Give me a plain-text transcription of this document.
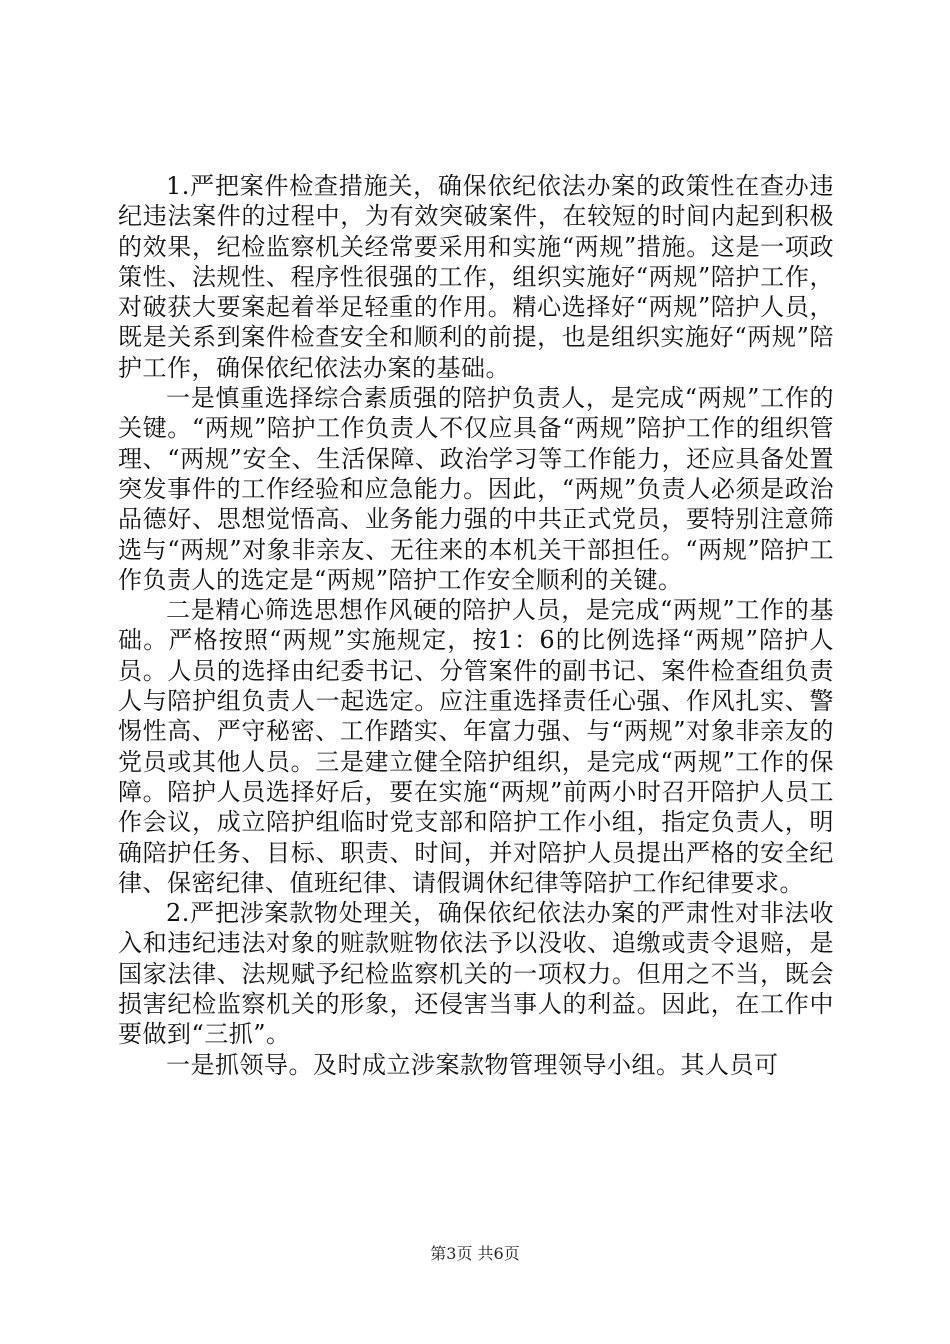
1.严把案件检查措施关，确保依纪依法办案的政策性在查办违纪违法案件的过程中，为有效突破案件，在较短的时间内起到积极的效果，纪检监察机关经常要采用和实施“两规”措施。这是一项政策性、法规性、程序性很强的工作，组织实施好“两规”陪护工作，对破获大要案起着举足轻重的作用。精心选择好“两规”陪护人员，既是关系到案件检查安全和顺利的前提，也是组织实施好“两规”陪护工作，确保依纪依法办案的基础。

一是慎重选择综合素质强的陪护负责人，是完成“两规”工作的关键。“两规”陪护工作负责人不仅应具备“两规”陪护工作的组织管理、“两规”安全、生活保障、政治学习等工作能力，还应具备处置突发事件的工作经验和应急能力。因此，“两规”负责人必须是政治品德好、思想觉悟高、业务能力强的中共正式党员，要特别注意筛选与“两规”对象非亲友、无往来的本机关干部担任。“两规”陪护工作负责人的选定是“两规”陪护工作安全顺利的关键。

二是精心筛选思想作风硬的陪护人员，是完成“两规”工作的基础。严格按照“两规”实施规定，按1：6的比例选择“两规”陪护人员。人员的选择由纪委书记、分管案件的副书记、案件检查组负责人与陪护组负责人一起选定。应注重选择责任心强、作风扎实、警惕性高、严守秘密、工作踏实、年富力强、与“两规”对象非亲友的党员或其他人员。三是建立健全陪护组织，是完成“两规”工作的保障。陪护人员选择好后，要在实施“两规”前两小时召开陪护人员工作会议，成立陪护组临时党支部和陪护工作小组，指定负责人，明确陪护任务、目标、职责、时间，并对陪护人员提出严格的安全纪律、保密纪律、值班纪律、请假调休纪律等陪护工作纪律要求。

2.严把涉案款物处理关，确保依纪依法办案的严肃性对非法收入和违纪违法对象的赃款赃物依法予以没收、追缴或责令退赔，是国家法律、法规赋予纪检监察机关的一项权力。但用之不当，既会损害纪检监察机关的形象，还侵害当事人的利益。因此，在工作中要做到“三抓”。

一是抓领导。及时成立涉案款物管理领导小组。其人员可

第3页 共6页
